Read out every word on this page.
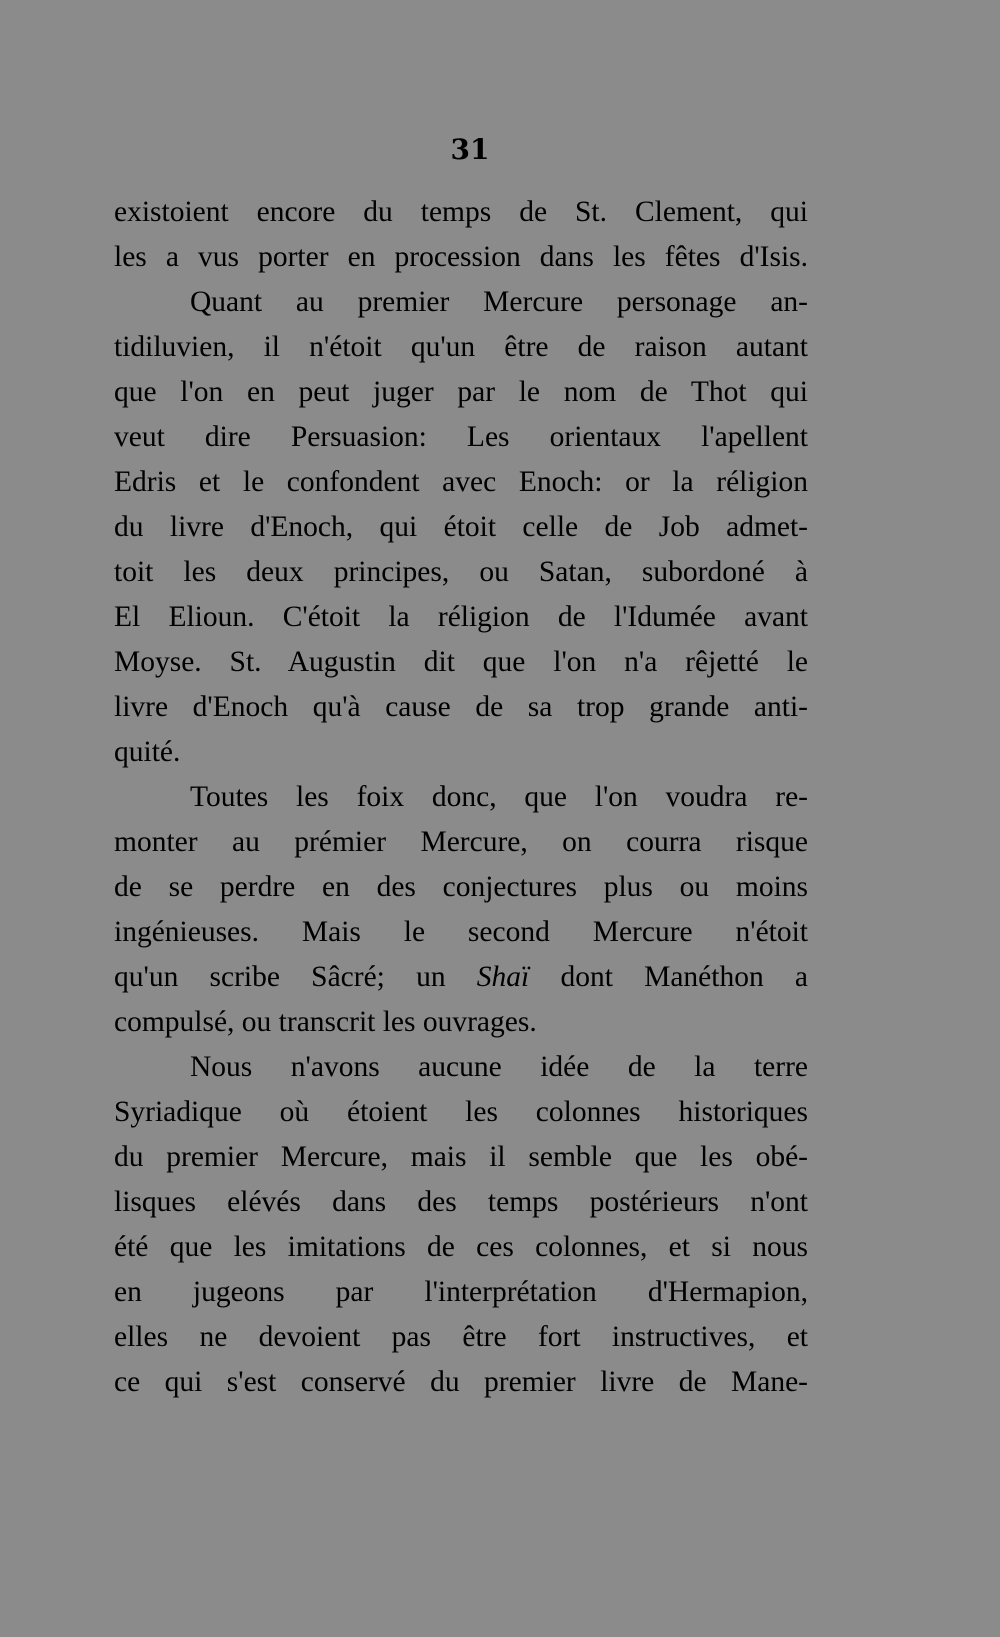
31
existoient encore du temps de St. Clement, qui
les a vus porter en procession dans les fêtes d'Isis.
Quant au premier Mercure personage an-
tidiluvien, il n'étoit qu'un être de raison autant
que l'on en peut juger par le nom de Thot qui
veut dire Persuasion: Les orientaux l'apellent
Edris et le confondent avec Enoch: or la réligion
du livre d'Enoch, qui étoit celle de Job admet-
toit les deux principes, ou Satan, subordoné à
El Elioun. C'étoit la réligion de l'Idumée avant
Moyse. St. Augustin dit que l'on n'a rêjetté le
livre d'Enoch qu'à cause de sa trop grande anti-
quité.
Toutes les foix donc, que l'on voudra re-
monter au prémier Mercure, on courra risque
de se perdre en des conjectures plus ou moins
ingénieuses. Mais le second Mercure n'étoit
qu'un scribe Sâcré; un Shaï dont Manéthon a
compulsé, ou transcrit les ouvrages.
Nous n'avons aucune idée de la terre
Syriadique où étoient les colonnes historiques
du premier Mercure, mais il semble que les obé-
lisques elévés dans des temps postérieurs n'ont
été que les imitations de ces colonnes, et si nous
en jugeons par l'interprétation d'Hermapion,
elles ne devoient pas être fort instructives, et
ce qui s'est conservé du premier livre de Mane-
